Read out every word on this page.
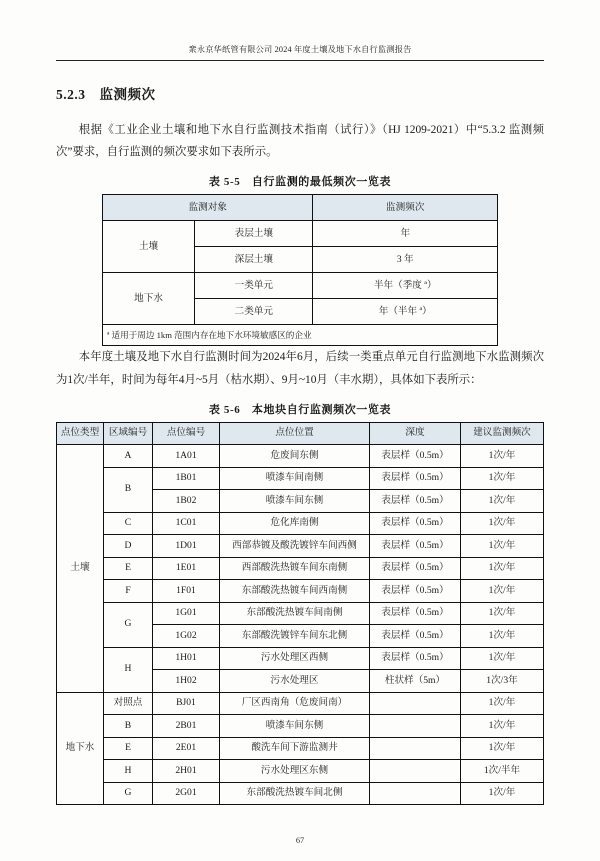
衆永京华纸管有限公司 2024 年度土壤及地下水自行监测报告
5.2.3 监测频次

根据《工业企业土壤和地下水自行监测技术指南（试行）》（HJ 1209-2021）中“5.3.2 监测频次”要求，自行监测的频次要求如下表所示。

表 5-5　自行监测的最低频次一览表
监测对象		监测频次
土壤	表层土壤	年
	深层土壤	3 年
地下水	一类单元	半年（季度 ª）
	二类单元	年（半年 ª）
ª 适用于周边 1km 范围内存在地下水环境敏感区的企业		

本年度土壤及地下水自行监测时间为2024年6月，后续一类重点单元自行监测地下水监测频次为1次/半年，时间为每年4月~5月（枯水期）、9月~10月（丰水期），具体如下表所示：

表 5-6　本地块自行监测频次一览表
点位类型	区域编号	点位编号	点位位置	深度	建议监测频次
土壤	A	1A01	危废间东侧	表层样（0.5m）	1次/年
	B	1B01	喷漆车间南侧	表层样（0.5m）	1次/年
		1B02	喷漆车间东侧	表层样（0.5m）	1次/年
	C	1C01	危化库南侧	表层样（0.5m）	1次/年
	D	1D01	西部恭镀及酸洗镀锌车间西侧	表层样（0.5m）	1次/年
	E	1E01	西部酸洗热镀车间东南侧	表层样（0.5m）	1次/年
	F	1F01	东部酸洗热镀车间西南侧	表层样（0.5m）	1次/年
	G	1G01	东部酸洗热镀车间南侧	表层样（0.5m）	1次/年
		1G02	东部酸洗镀锌车间东北侧	表层样（0.5m）	1次/年
	H	1H01	污水处理区西侧	表层样（0.5m）	1次/年
		1H02	污水处理区	柱状样（5m）	1次/3年
地下水	对照点	BJ01	厂区西南角（危废间南）		1次/年
	B	2B01	喷漆车间东侧		1次/年
	E	2E01	酸洗车间下游监测井		1次/年
	H	2H01	污水处理区东侧		1次/半年
	G	2G01	东部酸洗热镀车间北侧		1次/年
67
